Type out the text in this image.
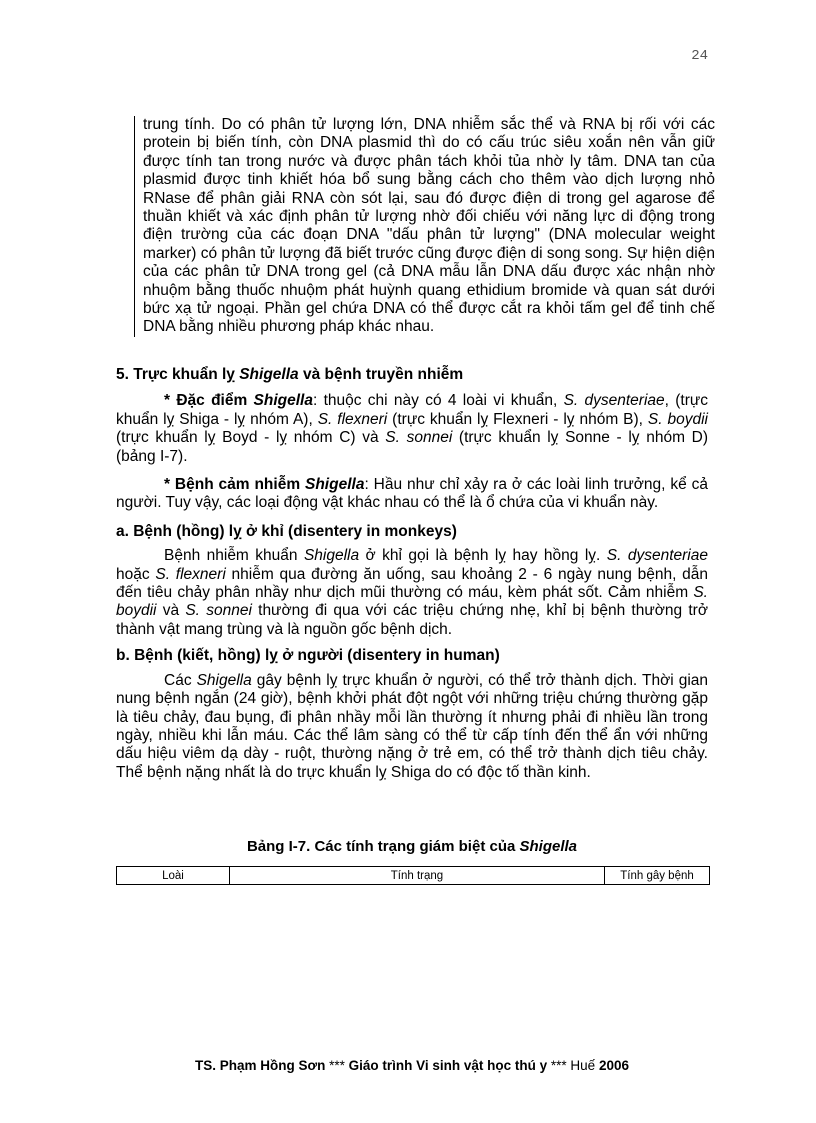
24
trung tính. Do có phân tử lượng lớn, DNA nhiễm sắc thể và RNA bị rối với các protein bị biến tính, còn DNA plasmid thì do có cấu trúc siêu xoắn nên vẫn giữ được tính tan trong nước và được phân tách khỏi tủa nhờ ly tâm. DNA tan của plasmid được tinh khiết hóa bổ sung bằng cách cho thêm vào dịch lượng nhỏ RNase để phân giải RNA còn sót lại, sau đó được điện di trong gel agarose để thuần khiết và xác định phân tử lượng nhờ đối chiếu với năng lực di động trong điện trường của các đoạn DNA "dấu phân tử lượng" (DNA molecular weight marker) có phân tử lượng đã biết trước cũng được điện di song song. Sự hiện diện của các phân tử DNA trong gel (cả DNA mẫu lẫn DNA dấu được xác nhận nhờ nhuộm bằng thuốc nhuộm phát huỳnh quang ethidium bromide và quan sát dưới bức xạ tử ngoại. Phần gel chứa DNA có thể được cắt ra khỏi tấm gel để tinh chế DNA bằng nhiều phương pháp khác nhau.

5. Trực khuẩn lỵ Shigella và bệnh truyền nhiễm

* Đặc điểm Shigella: thuộc chi này có 4 loài vi khuẩn, S. dysenteriae, (trực khuẩn lỵ Shiga - lỵ nhóm A), S. flexneri (trực khuẩn lỵ Flexneri - lỵ nhóm B), S. boydii (trực khuẩn lỵ Boyd - lỵ nhóm C) và S. sonnei (trực khuẩn lỵ Sonne - lỵ nhóm D) (bảng I-7).

* Bệnh cảm nhiễm Shigella: Hầu như chỉ xảy ra ở các loài linh trưởng, kể cả người. Tuy vậy, các loại động vật khác nhau có thể là ổ chứa của vi khuẩn này.

a. Bệnh (hồng) lỵ ở khỉ (disentery in monkeys)

Bệnh nhiễm khuẩn Shigella ở khỉ gọi là bệnh lỵ hay hồng lỵ. S. dysenteriae hoặc S. flexneri nhiễm qua đường ăn uống, sau khoảng 2 - 6 ngày nung bệnh, dẫn đến tiêu chảy phân nhầy như dịch mũi thường có máu, kèm phát sốt. Cảm nhiễm S. boydii và S. sonnei thường đi qua với các triệu chứng nhẹ, khỉ bị bệnh thường trở thành vật mang trùng và là nguồn gốc bệnh dịch.

b. Bệnh (kiết, hồng) lỵ ở người (disentery in human)

Các Shigella gây bệnh lỵ trực khuẩn ở người, có thể trở thành dịch. Thời gian nung bệnh ngắn (24 giờ), bệnh khởi phát đột ngột với những triệu chứng thường gặp là tiêu chảy, đau bụng, đi phân nhầy mỗi lần thường ít nhưng phải đi nhiều lần trong ngày, nhiều khi lẫn máu. Các thể lâm sàng có thể từ cấp tính đến thể ẩn với những dấu hiệu viêm dạ dày - ruột, thường nặng ở trẻ em, có thể trở thành dịch tiêu chảy. Thể bệnh nặng nhất là do trực khuẩn lỵ Shiga do có độc tố thần kinh.

Bảng I-7. Các tính trạng giám biệt của Shigella
Loài	Tính trạng	Tính gây bệnh
TS. Phạm Hồng Sơn *** Giáo trình Vi sinh vật học thú y *** Huế 2006
